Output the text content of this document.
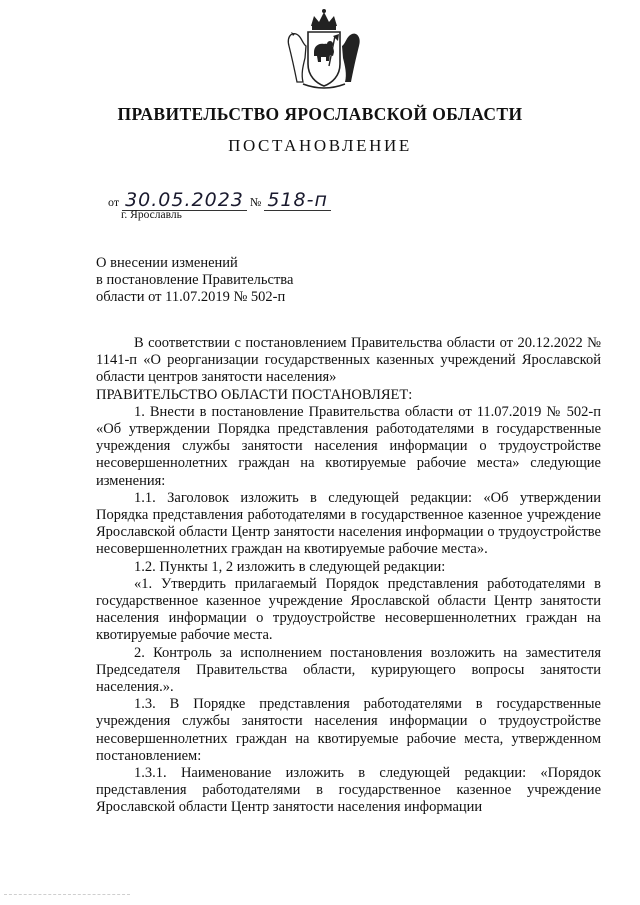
ПРАВИТЕЛЬСТВО ЯРОСЛАВСКОЙ ОБЛАСТИ
ПОСТАНОВЛЕНИЕ
от 30.05.2023 № 518-п
г. Ярославль
О внесении изменений
в постановление Правительства
области от 11.07.2019 № 502-п

В соответствии с постановлением Правительства области от 20.12.2022 № 1141-п «О реорганизации государственных казенных учреждений Ярославской области центров занятости населения»

ПРАВИТЕЛЬСТВО ОБЛАСТИ ПОСТАНОВЛЯЕТ:

1. Внести в постановление Правительства области от 11.07.2019 № 502-п «Об утверждении Порядка представления работодателями в государственные учреждения службы занятости населения информации о трудоустройстве несовершеннолетних граждан на квотируемые рабочие места» следующие изменения:

1.1. Заголовок изложить в следующей редакции: «Об утверждении Порядка представления работодателями в государственное казенное учреждение Ярославской области Центр занятости населения информации о трудоустройстве несовершеннолетних граждан на квотируемые рабочие места».

1.2. Пункты 1, 2 изложить в следующей редакции:

«1. Утвердить прилагаемый Порядок представления работодателями в государственное казенное учреждение Ярославской области Центр занятости населения информации о трудоустройстве несовершеннолетних граждан на квотируемые рабочие места.

2. Контроль за исполнением постановления возложить на заместителя Председателя Правительства области, курирующего вопросы занятости населения.».

1.3. В Порядке представления работодателями в государственные учреждения службы занятости населения информации о трудоустройстве несовершеннолетних граждан на квотируемые рабочие места, утвержденном постановлением:

1.3.1. Наименование изложить в следующей редакции: «Порядок представления работодателями в государственное казенное учреждение Ярославской области Центр занятости населения информации
